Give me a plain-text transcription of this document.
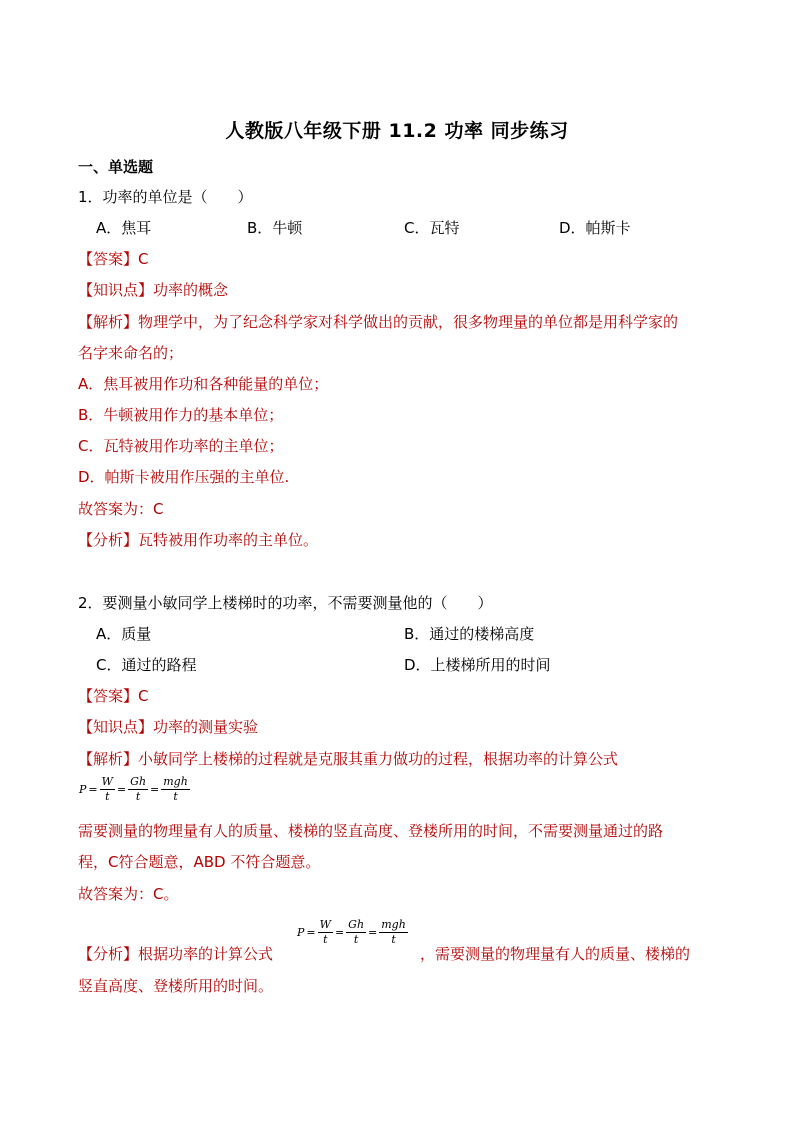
人教版八年级下册 11.2 功率 同步练习
一、单选题
1．功率的单位是（　　）
A．焦耳	B．牛顿	C．瓦特	D．帕斯卡
【答案】C
【知识点】功率的概念
【解析】物理学中，为了纪念科学家对科学做出的贡献，很多物理量的单位都是用科学家的
名字来命名的；
A．焦耳被用作功和各种能量的单位；
B．牛顿被用作力的基本单位；
C．瓦特被用作功率的主单位；
D．帕斯卡被用作压强的主单位.
故答案为：C
【分析】瓦特被用作功率的主单位。
2．要测量小敏同学上楼梯时的功率，不需要测量他的（　　）
A．质量	B．通过的楼梯高度
C．通过的路程	D．上楼梯所用的时间
【答案】C
【知识点】功率的测量实验
【解析】小敏同学上楼梯的过程就是克服其重力做功的过程，根据功率的计算公式
$P = \frac{W}{t} = \frac{Gh}{t} = \frac{\text{mgh}}{t}$
需要测量的物理量有人的质量、楼梯的竖直高度、登楼所用的时间，不需要测量通过的路
程，C符合题意，ABD 不符合题意。
故答案为：C。
【分析】根据功率的计算公式
$P = \frac{W}{t} = \frac{Gh}{t} = \frac{\text{mgh}}{t}$
，需要测量的物理量有人的质量、楼梯的
竖直高度、登楼所用的时间。
